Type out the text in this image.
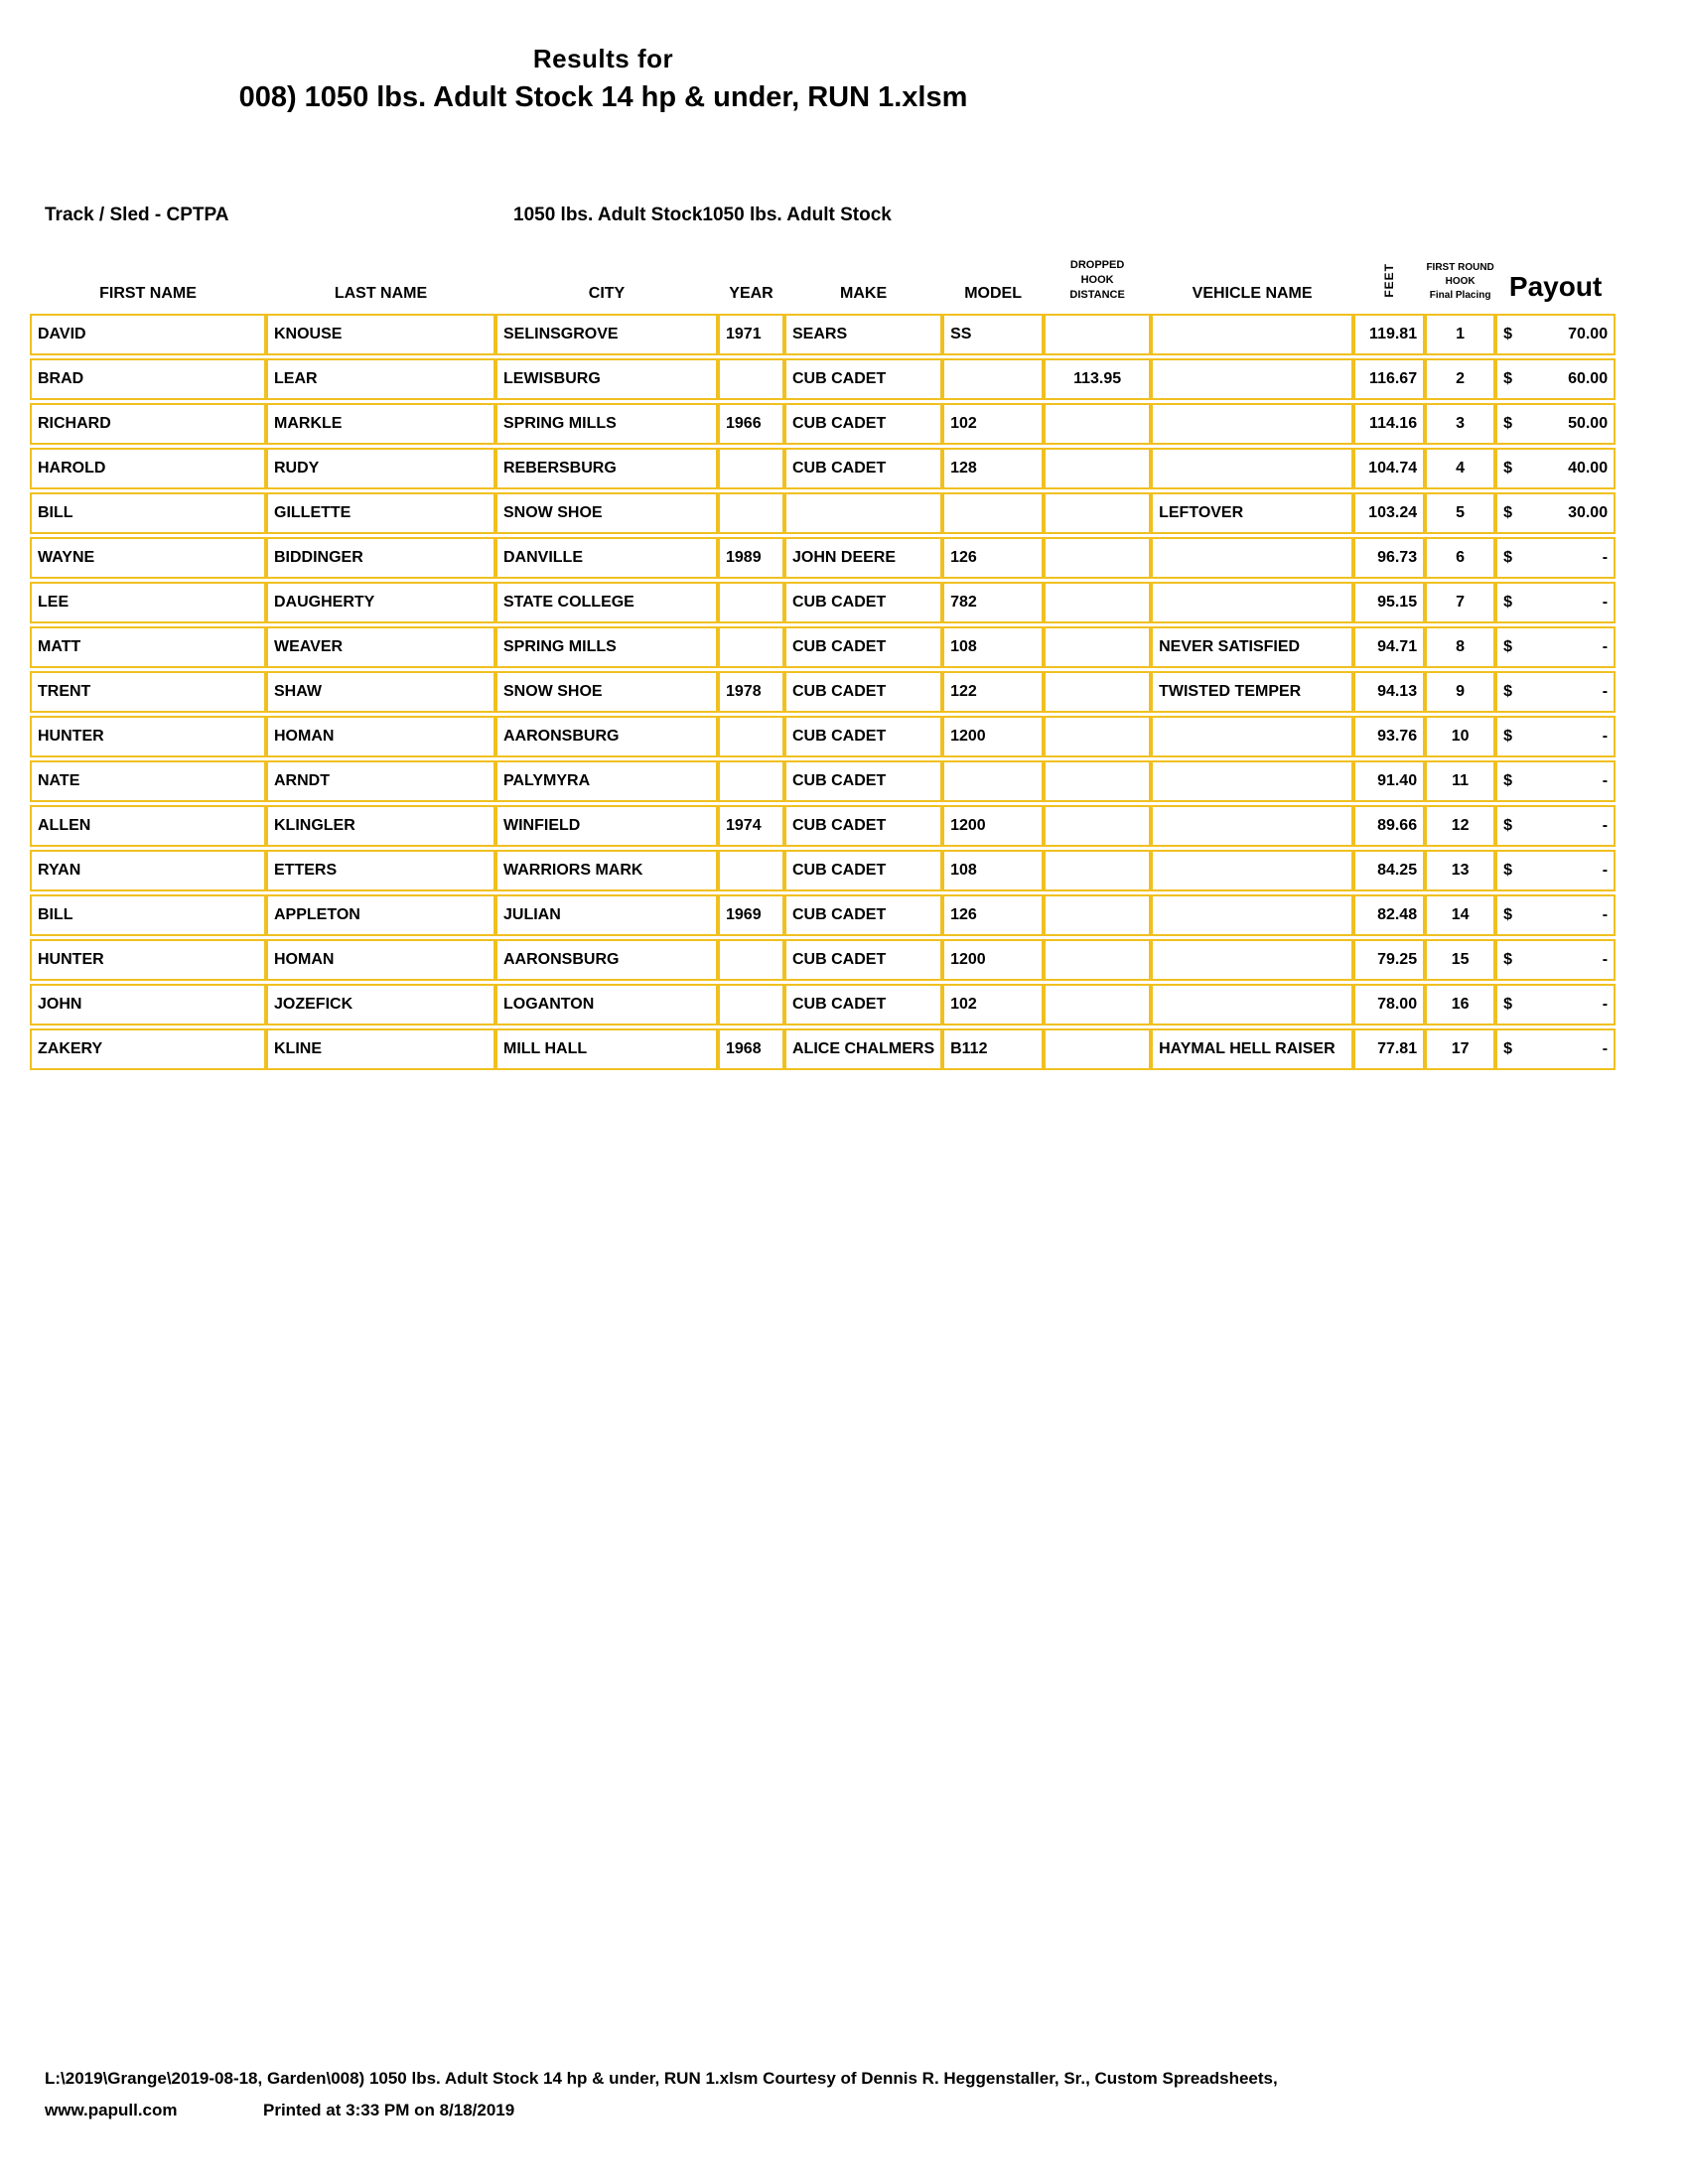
Results for
008) 1050 lbs. Adult Stock 14 hp & under, RUN 1.xlsm
Track / Sled - CPTPA	1050 lbs. Adult Stock1050 lbs. Adult Stock
FIRST NAME	LAST NAME	CITY	YEAR	MAKE	MODEL	
DROPPED
HOOK
DISTANCE	VEHICLE NAME	FEET	FIRST ROUND
HOOK
Final Placing	Payout
DAVID	KNOUSE	SELINSGROVE	1971	SEARS	SS			119.81	1	$ 70.00

BRAD	LEAR	LEWISBURG		CUB CADET		113.95		116.67	2	$ 60.00

RICHARD	MARKLE	SPRING MILLS	1966	CUB CADET	102			114.16	3	$ 50.00

HAROLD	RUDY	REBERSBURG		CUB CADET	128			104.74	4	$ 40.00

BILL	GILLETTE	SNOW SHOE					LEFTOVER	103.24	5	$ 30.00

WAYNE	BIDDINGER	DANVILLE	1989	JOHN DEERE	126			96.73	6	$ -

LEE	DAUGHERTY	STATE COLLEGE		CUB CADET	782			95.15	7	$ -

MATT	WEAVER	SPRING MILLS		CUB CADET	108		NEVER SATISFIED	94.71	8	$ -

TRENT	SHAW	SNOW SHOE	1978	CUB CADET	122		TWISTED TEMPER	94.13	9	$ -

HUNTER	HOMAN	AARONSBURG		CUB CADET	1200			93.76	10	$ -

NATE	ARNDT	PALYMYRA		CUB CADET				91.40	11	$ -

ALLEN	KLINGLER	WINFIELD	1974	CUB CADET	1200			89.66	12	$ -

RYAN	ETTERS	WARRIORS MARK		CUB CADET	108			84.25	13	$ -

BILL	APPLETON	JULIAN	1969	CUB CADET	126			82.48	14	$ -

HUNTER	HOMAN	AARONSBURG		CUB CADET	1200			79.25	15	$ -

JOHN	JOZEFICK	LOGANTON		CUB CADET	102			78.00	16	$ -

ZAKERY	KLINE	MILL HALL	1968	ALICE CHALMERS	B112		HAYMAL HELL RAISER	77.81	17	$ -
L:\2019\Grange\2019-08-18, Garden\008) 1050 lbs. Adult Stock 14 hp & under, RUN 1.xlsm Courtesy of Dennis R. Heggenstaller, Sr., Custom Spreadsheets,
www.papull.com	Printed at 3:33 PM on 8/18/2019
